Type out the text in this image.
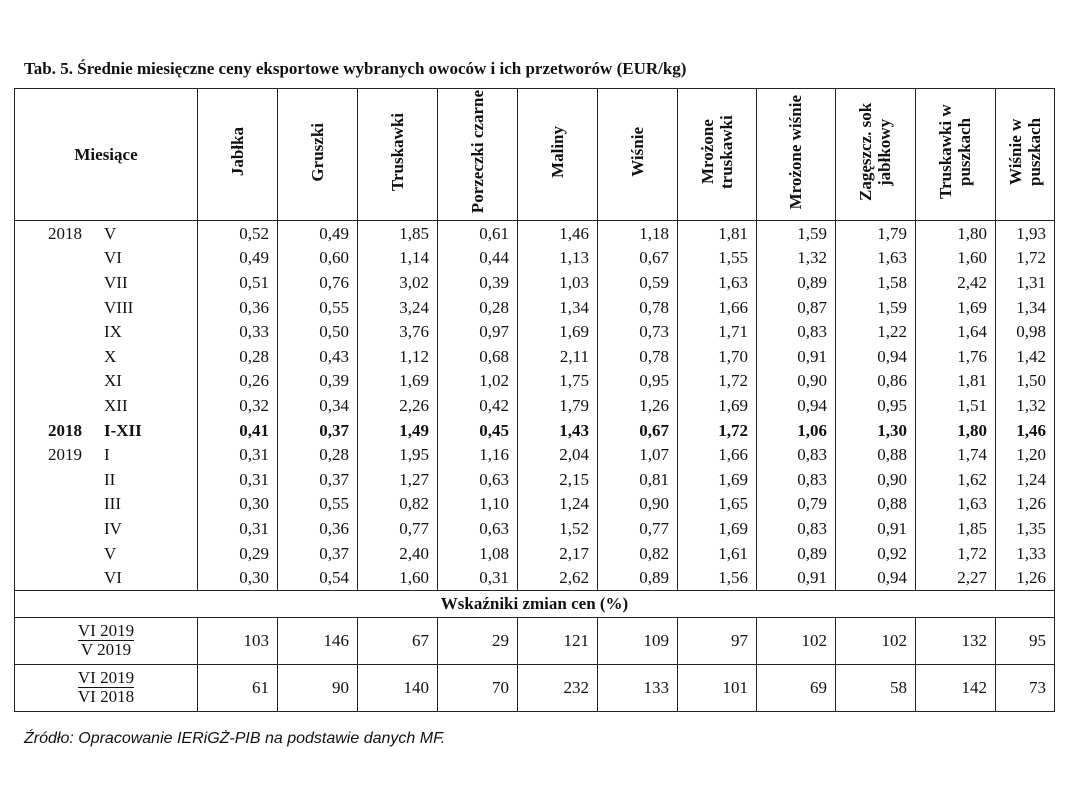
Tab. 5. Średnie miesięczne ceny eksportowe wybranych owoców i ich przetworów (EUR/kg)
Miesiące	Jabłka	Gruszki	Truskawki	Porzeczki czarne	Maliny	Wiśnie	Mrożone truskawki	Mrożone wiśnie	Zagęszcz. sok jabłkowy	Truskawki w puszkach	Wiśnie w puszkach
2018 V	0,52	0,49	1,85	0,61	1,46	1,18	1,81	1,59	1,79	1,80	1,93
VI	0,49	0,60	1,14	0,44	1,13	0,67	1,55	1,32	1,63	1,60	1,72
VII	0,51	0,76	3,02	0,39	1,03	0,59	1,63	0,89	1,58	2,42	1,31
VIII	0,36	0,55	3,24	0,28	1,34	0,78	1,66	0,87	1,59	1,69	1,34
IX	0,33	0,50	3,76	0,97	1,69	0,73	1,71	0,83	1,22	1,64	0,98
X	0,28	0,43	1,12	0,68	2,11	0,78	1,70	0,91	0,94	1,76	1,42
XI	0,26	0,39	1,69	1,02	1,75	0,95	1,72	0,90	0,86	1,81	1,50
XII	0,32	0,34	2,26	0,42	1,79	1,26	1,69	0,94	0,95	1,51	1,32
2018 I-XII	0,41	0,37	1,49	0,45	1,43	0,67	1,72	1,06	1,30	1,80	1,46
2019 I	0,31	0,28	1,95	1,16	2,04	1,07	1,66	0,83	0,88	1,74	1,20
II	0,31	0,37	1,27	0,63	2,15	0,81	1,69	0,83	0,90	1,62	1,24
III	0,30	0,55	0,82	1,10	1,24	0,90	1,65	0,79	0,88	1,63	1,26
IV	0,31	0,36	0,77	0,63	1,52	0,77	1,69	0,83	0,91	1,85	1,35
V	0,29	0,37	2,40	1,08	2,17	0,82	1,61	0,89	0,92	1,72	1,33
VI	0,30	0,54	1,60	0,31	2,62	0,89	1,56	0,91	0,94	2,27	1,26
Wskaźniki zmian cen (%)											

$\frac{VI 2019}{V 2019}$	103	146	67	29	121	109	97	102	102	132	95

$\frac{VI 2019}{VI 2018}$	61	90	140	70	232	133	101	69	58	142	73
Źródło: Opracowanie IERiGŻ-PIB na podstawie danych MF.
